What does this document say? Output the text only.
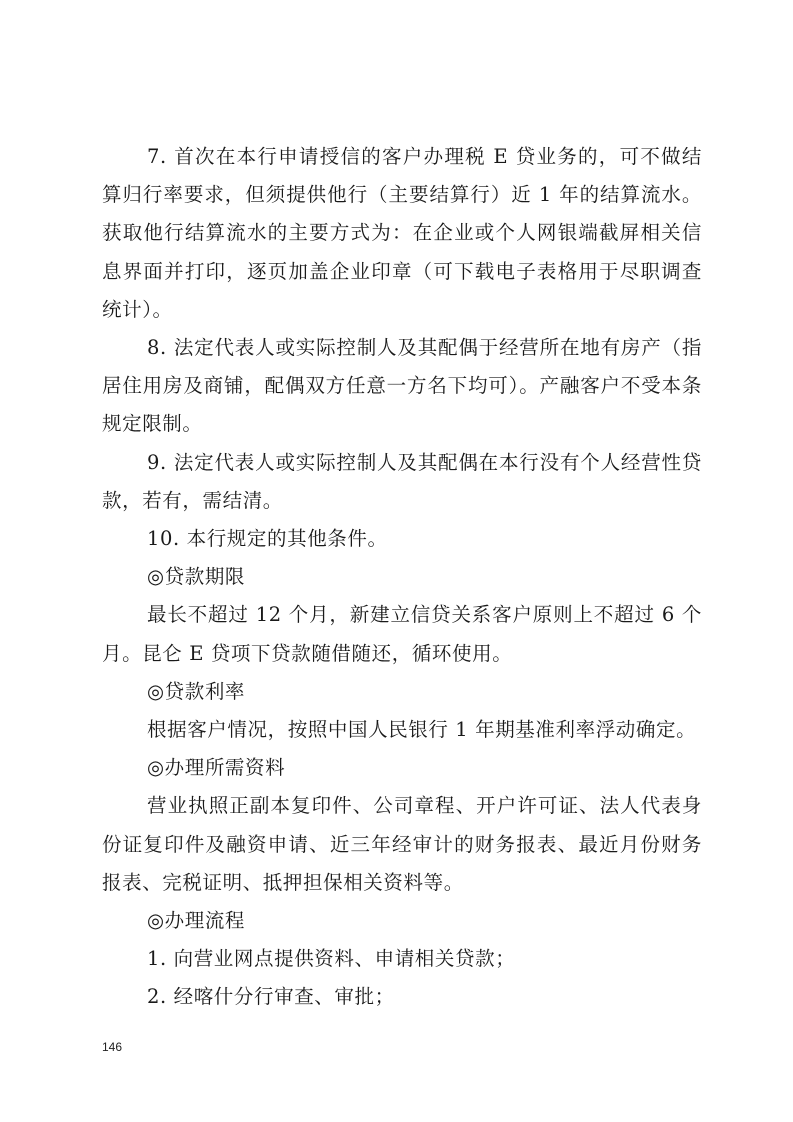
7. 首次在本行申请授信的客户办理税 E 贷业务的，可不做结算归行率要求，但须提供他行（主要结算行）近 1 年的结算流水。获取他行结算流水的主要方式为：在企业或个人网银端截屏相关信息界面并打印，逐页加盖企业印章（可下载电子表格用于尽职调查统计）。

8. 法定代表人或实际控制人及其配偶于经营所在地有房产（指居住用房及商铺，配偶双方任意一方名下均可）。产融客户不受本条规定限制。

9. 法定代表人或实际控制人及其配偶在本行没有个人经营性贷款，若有，需结清。

10. 本行规定的其他条件。

◎贷款期限

最长不超过 12 个月，新建立信贷关系客户原则上不超过 6 个月。昆仑 E 贷项下贷款随借随还，循环使用。

◎贷款利率

根据客户情况，按照中国人民银行 1 年期基准利率浮动确定。

◎办理所需资料

营业执照正副本复印件、公司章程、开户许可证、法人代表身份证复印件及融资申请、近三年经审计的财务报表、最近月份财务报表、完税证明、抵押担保相关资料等。

◎办理流程

1. 向营业网点提供资料、申请相关贷款；

2. 经喀什分行审查、审批；

146
